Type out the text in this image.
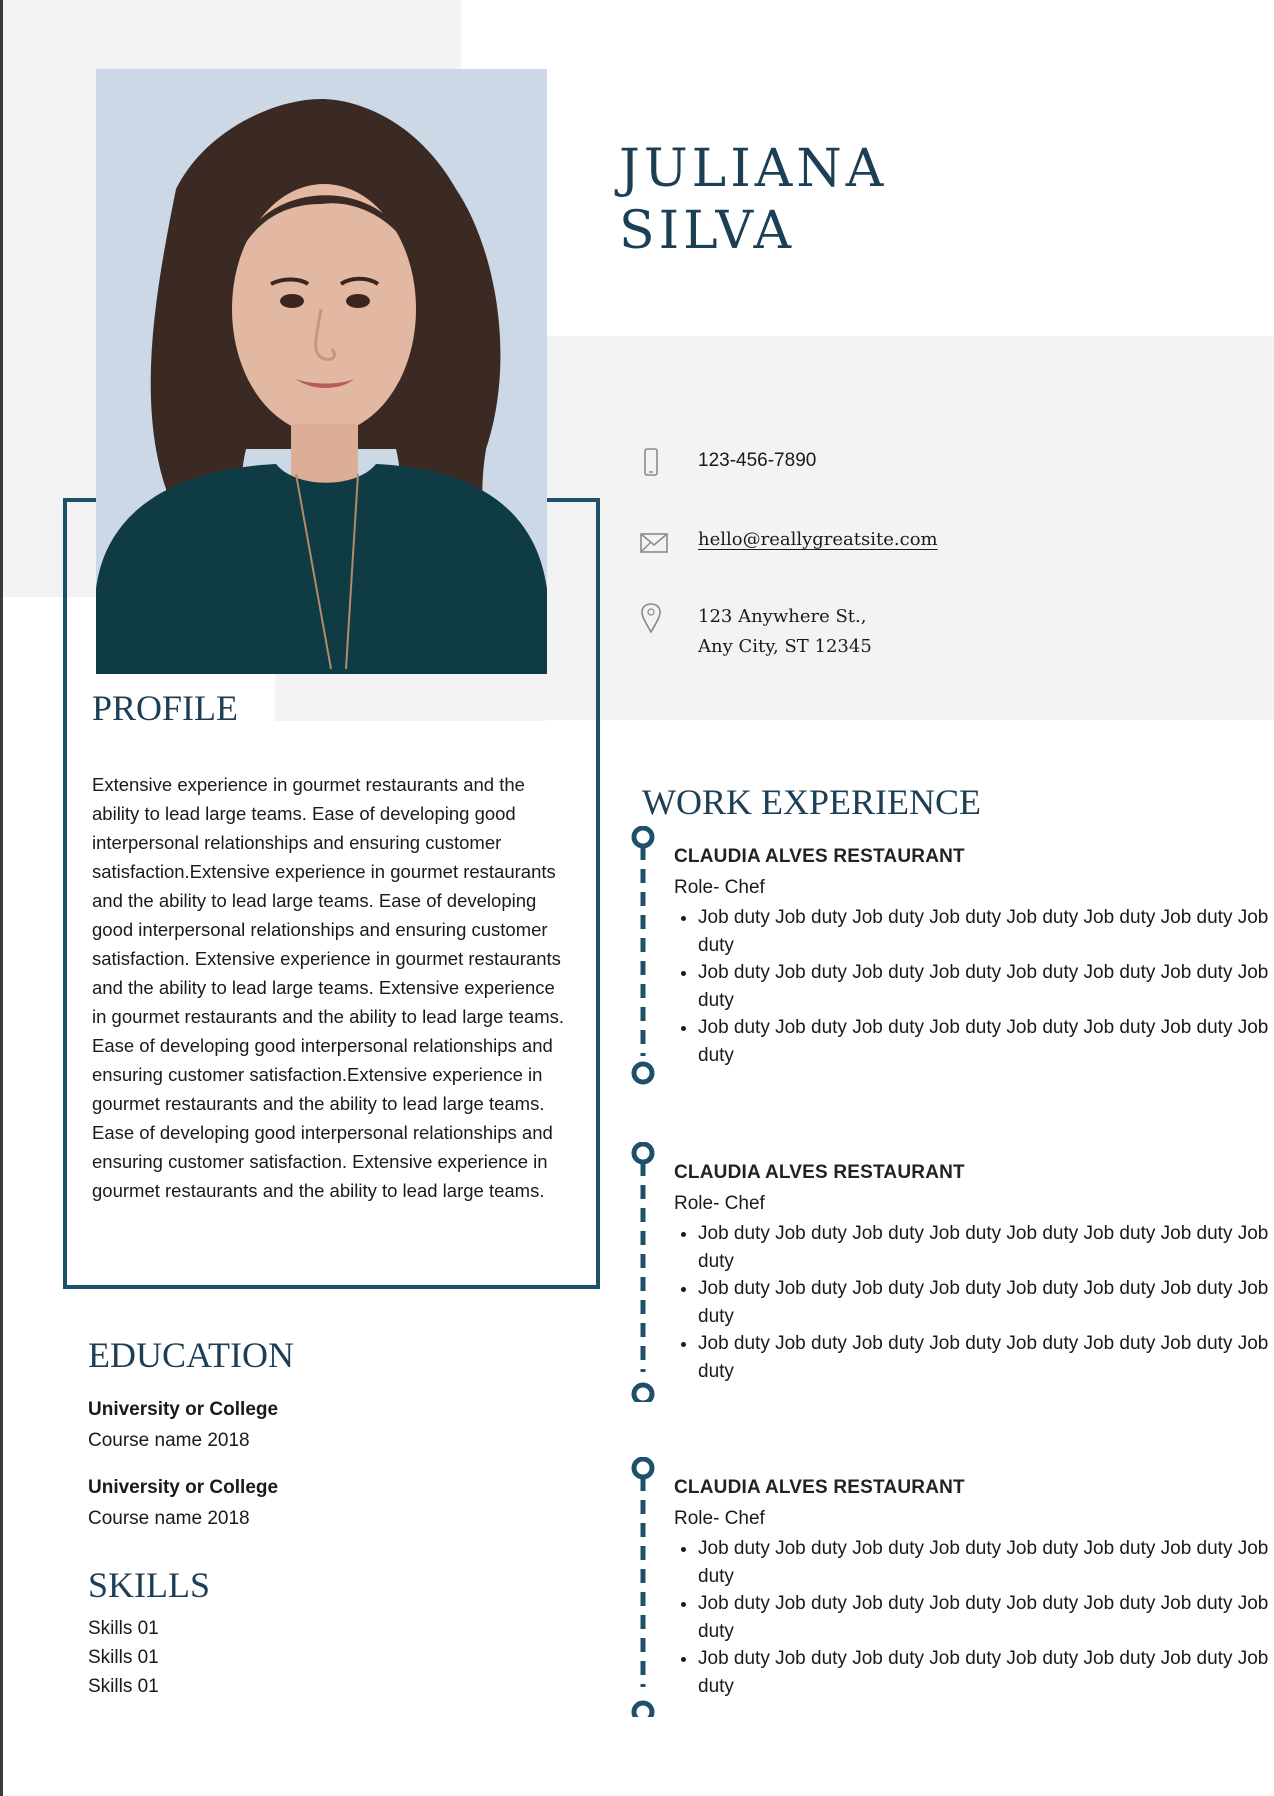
JULIANA
SILVA
123-456-7890
hello@reallygreatsite.com
123 Anywhere St.,
Any City, ST 12345
PROFILE

Extensive experience in gourmet restaurants and the ability to lead large teams. Ease of developing good interpersonal relationships and ensuring customer satisfaction.Extensive experience in gourmet restaurants and the ability to lead large teams. Ease of developing good interpersonal relationships and ensuring customer satisfaction. Extensive experience in gourmet restaurants and the ability to lead large teams. Extensive experience in gourmet restaurants and the ability to lead large teams. Ease of developing good interpersonal relationships and ensuring customer satisfaction.Extensive experience in gourmet restaurants and the ability to lead large teams. Ease of developing good interpersonal relationships and ensuring customer satisfaction. Extensive experience in gourmet restaurants and the ability to lead large teams.

EDUCATION
University or College
Course name 2018
University or College
Course name 2018
SKILLS
Skills 01
Skills 01
Skills 01
WORK EXPERIENCE
CLAUDIA ALVES RESTAURANT
Role- Chef
• Job duty Job duty Job duty Job duty Job duty Job duty Job duty Job duty
• Job duty Job duty Job duty Job duty Job duty Job duty Job duty Job duty
• Job duty Job duty Job duty Job duty Job duty Job duty Job duty Job duty
CLAUDIA ALVES RESTAURANT
Role- Chef
• Job duty Job duty Job duty Job duty Job duty Job duty Job duty Job duty
• Job duty Job duty Job duty Job duty Job duty Job duty Job duty Job duty
• Job duty Job duty Job duty Job duty Job duty Job duty Job duty Job duty
CLAUDIA ALVES RESTAURANT
Role- Chef
• Job duty Job duty Job duty Job duty Job duty Job duty Job duty Job duty
• Job duty Job duty Job duty Job duty Job duty Job duty Job duty Job duty
• Job duty Job duty Job duty Job duty Job duty Job duty Job duty Job duty
